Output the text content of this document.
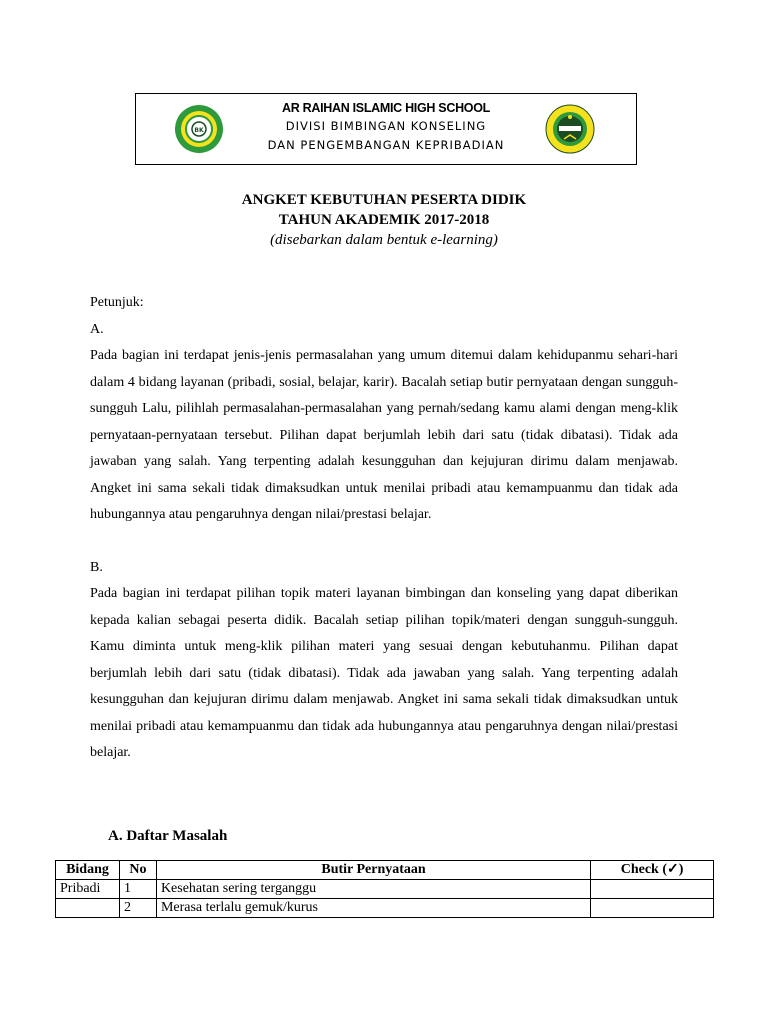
BK
AR RAIHAN ISLAMIC HIGH SCHOOL
DIVISI BIMBINGAN KONSELING
DAN PENGEMBANGAN KEPRIBADIAN
ANGKET KEBUTUHAN PESERTA DIDIK
TAHUN AKADEMIK 2017-2018
(disebarkan dalam bentuk e-learning)

Petunjuk:

A.

Pada bagian ini terdapat jenis-jenis permasalahan yang umum ditemui dalam kehidupanmu sehari-hari dalam 4 bidang layanan (pribadi, sosial, belajar, karir). Bacalah setiap butir pernyataan dengan sungguh-sungguh Lalu, pilihlah permasalahan-permasalahan yang pernah/sedang kamu alami dengan meng-klik pernyataan-pernyataan tersebut. Pilihan dapat berjumlah lebih dari satu (tidak dibatasi). Tidak ada jawaban yang salah. Yang terpenting adalah kesungguhan dan kejujuran dirimu dalam menjawab. Angket ini sama sekali tidak dimaksudkan untuk menilai pribadi atau kemampuanmu dan tidak ada hubungannya atau pengaruhnya dengan nilai/prestasi belajar.

B.

Pada bagian ini terdapat pilihan topik materi layanan bimbingan dan konseling yang dapat diberikan kepada kalian sebagai peserta didik. Bacalah setiap pilihan topik/materi dengan sungguh-sungguh. Kamu diminta untuk meng-klik pilihan materi yang sesuai dengan kebutuhanmu. Pilihan dapat berjumlah lebih dari satu (tidak dibatasi). Tidak ada jawaban yang salah. Yang terpenting adalah kesungguhan dan kejujuran dirimu dalam menjawab. Angket ini sama sekali tidak dimaksudkan untuk menilai pribadi atau kemampuanmu dan tidak ada hubungannya atau pengaruhnya dengan nilai/prestasi belajar.

A. Daftar Masalah
Bidang	No	Butir Pernyataan	Check (✓)
Pribadi	1	Kesehatan sering terganggu	
	2	Merasa terlalu gemuk/kurus	
